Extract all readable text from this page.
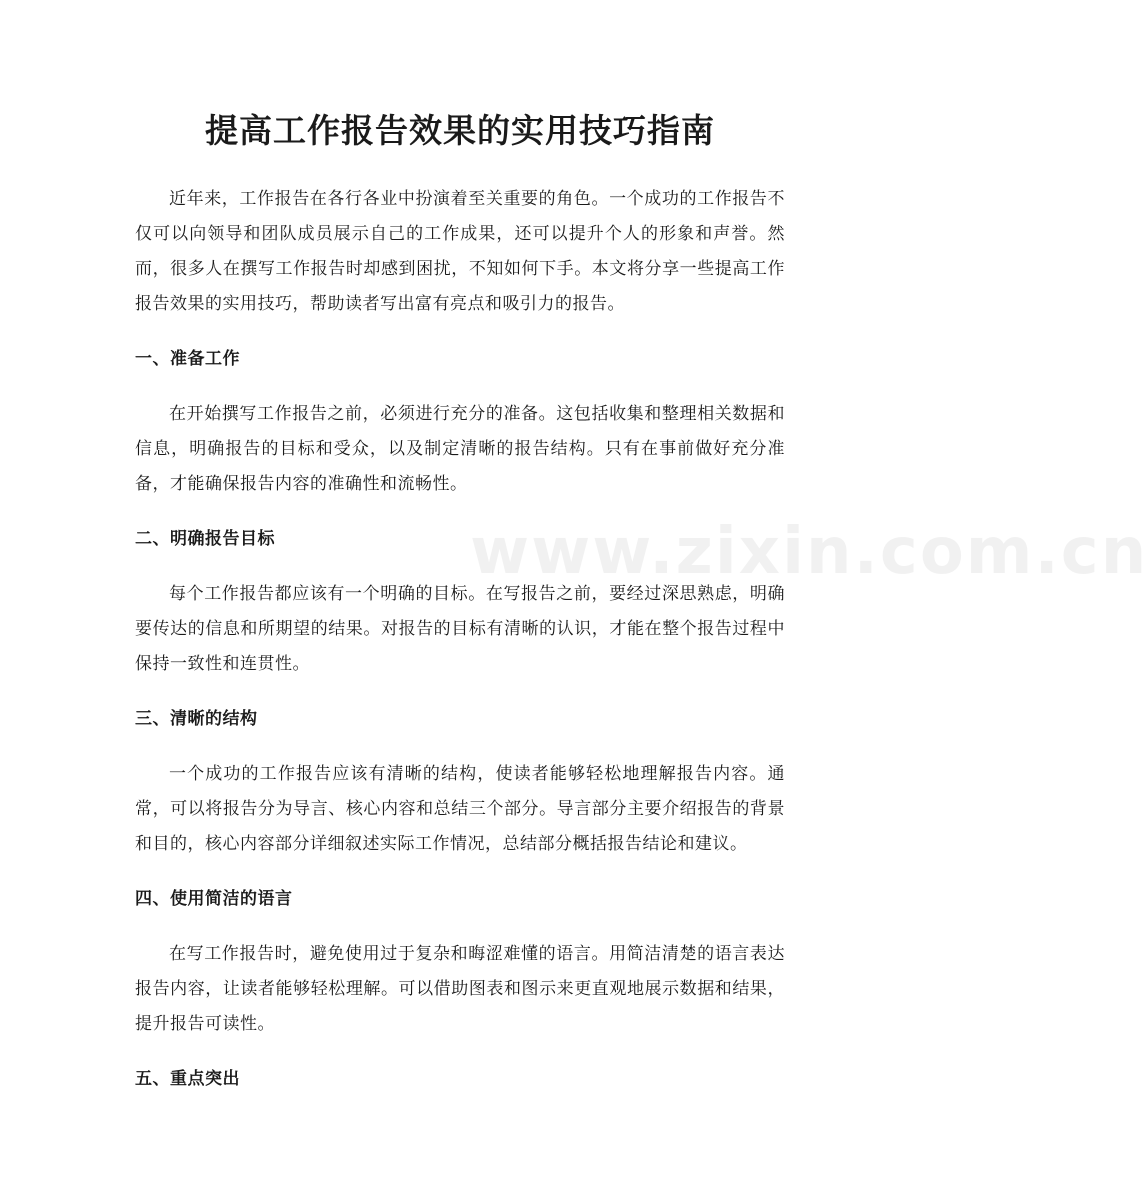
提高工作报告效果的实用技巧指南

近年来，工作报告在各行各业中扮演着至关重要的角色。一个成功的工作报告不仅可以向领导和团队成员展示自己的工作成果，还可以提升个人的形象和声誉。然而，很多人在撰写工作报告时却感到困扰，不知如何下手。本文将分享一些提高工作报告效果的实用技巧，帮助读者写出富有亮点和吸引力的报告。

一、准备工作

在开始撰写工作报告之前，必须进行充分的准备。这包括收集和整理相关数据和信息，明确报告的目标和受众，以及制定清晰的报告结构。只有在事前做好充分准备，才能确保报告内容的准确性和流畅性。

二、明确报告目标

每个工作报告都应该有一个明确的目标。在写报告之前，要经过深思熟虑，明确要传达的信息和所期望的结果。对报告的目标有清晰的认识，才能在整个报告过程中保持一致性和连贯性。

三、清晰的结构

一个成功的工作报告应该有清晰的结构，使读者能够轻松地理解报告内容。通常，可以将报告分为导言、核心内容和总结三个部分。导言部分主要介绍报告的背景和目的，核心内容部分详细叙述实际工作情况，总结部分概括报告结论和建议。

四、使用简洁的语言

在写工作报告时，避免使用过于复杂和晦涩难懂的语言。用简洁清楚的语言表达报告内容，让读者能够轻松理解。可以借助图表和图示来更直观地展示数据和结果，提升报告可读性。

五、重点突出
www.zixin.com.cn
